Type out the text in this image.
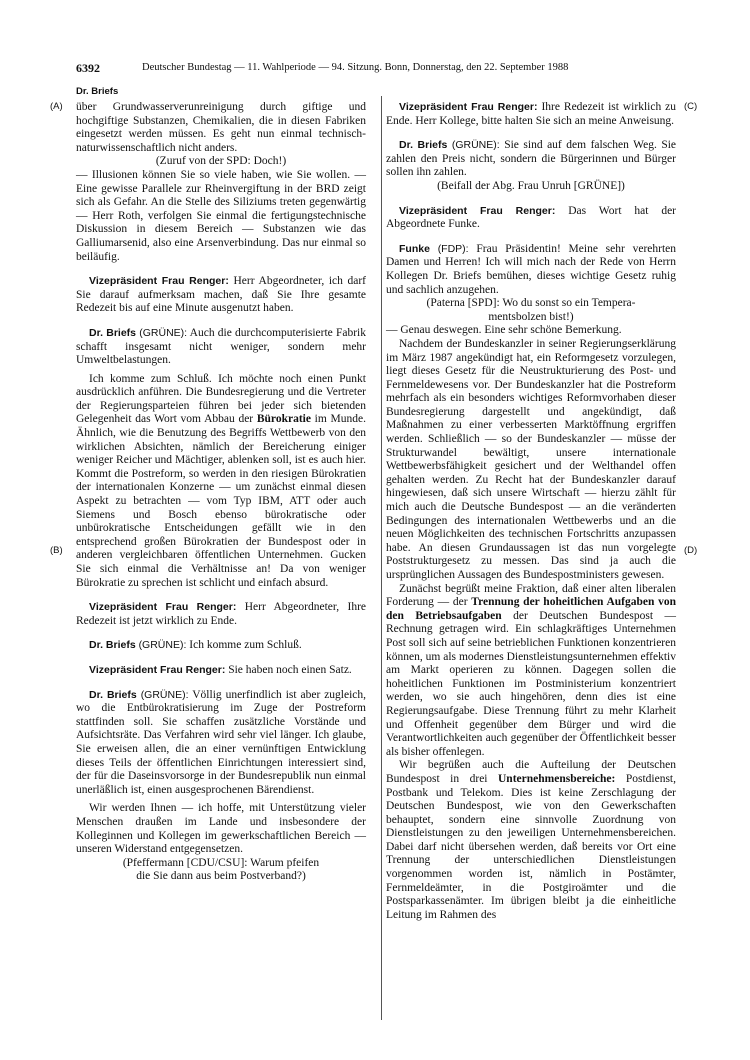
6392	Deutscher Bundestag — 11. Wahlperiode — 94. Sitzung. Bonn, Donnerstag, den 22. September 1988
Dr. Briefs
(A)
(B)
(C)
(D)

über Grundwasserverunreinigung durch giftige und hochgiftige Substanzen, Chemikalien, die in diesen Fabriken eingesetzt werden müssen. Es geht nun einmal technisch-naturwissenschaftlich nicht anders.

(Zuruf von der SPD: Doch!)

— Illusionen können Sie so viele haben, wie Sie wollen. — Eine gewisse Parallele zur Rheinvergiftung in der BRD zeigt sich als Gefahr. An die Stelle des Siliziums treten gegenwärtig — Herr Roth, verfolgen Sie einmal die fertigungstechnische Diskussion in diesem Bereich — Substanzen wie das Galliumarsenid, also eine Arsenverbindung. Das nur einmal so beiläufig.

Vizepräsident Frau Renger: Herr Abgeordneter, ich darf Sie darauf aufmerksam machen, daß Sie Ihre gesamte Redezeit bis auf eine Minute ausgenutzt haben.

Dr. Briefs (GRÜNE): Auch die durchcomputerisierte Fabrik schafft insgesamt nicht weniger, sondern mehr Umweltbelastungen.

Ich komme zum Schluß. Ich möchte noch einen Punkt ausdrücklich anführen. Die Bundesregierung und die Vertreter der Regierungsparteien führen bei jeder sich bietenden Gelegenheit das Wort vom Abbau der Bürokratie im Munde. Ähnlich, wie die Benutzung des Begriffs Wettbewerb von den wirklichen Absichten, nämlich der Bereicherung einiger weniger Reicher und Mächtiger, ablenken soll, ist es auch hier. Kommt die Postreform, so werden in den riesigen Bürokratien der internationalen Konzerne — um zunächst einmal diesen Aspekt zu betrachten — vom Typ IBM, ATT oder auch Siemens und Bosch ebenso bürokratische oder unbürokratische Entscheidungen gefällt wie in den entsprechend großen Bürokratien der Bundespost oder in anderen vergleichbaren öffentlichen Unternehmen. Gucken Sie sich einmal die Verhältnisse an! Da von weniger Bürokratie zu sprechen ist schlicht und einfach absurd.

Vizepräsident Frau Renger: Herr Abgeordneter, Ihre Redezeit ist jetzt wirklich zu Ende.

Dr. Briefs (GRÜNE): Ich komme zum Schluß.

Vizepräsident Frau Renger: Sie haben noch einen Satz.

Dr. Briefs (GRÜNE): Völlig unerfindlich ist aber zugleich, wo die Entbürokratisierung im Zuge der Postreform stattfinden soll. Sie schaffen zusätzliche Vorstände und Aufsichtsräte. Das Verfahren wird sehr viel länger. Ich glaube, Sie erweisen allen, die an einer vernünftigen Entwicklung dieses Teils der öffentlichen Einrichtungen interessiert sind, der für die Daseinsvorsorge in der Bundesrepublik nun einmal unerläßlich ist, einen ausgesprochenen Bärendienst.

Wir werden Ihnen — ich hoffe, mit Unterstützung vieler Menschen draußen im Lande und insbesondere der Kolleginnen und Kollegen im gewerkschaftlichen Bereich — unseren Widerstand entgegensetzen.

(Pfeffermann [CDU/CSU]: Warum pfeifen
die Sie dann aus beim Postverband?)

Vizepräsident Frau Renger: Ihre Redezeit ist wirklich zu Ende. Herr Kollege, bitte halten Sie sich an meine Anweisung.

Dr. Briefs (GRÜNE): Sie sind auf dem falschen Weg. Sie zahlen den Preis nicht, sondern die Bürgerinnen und Bürger sollen ihn zahlen.

(Beifall der Abg. Frau Unruh [GRÜNE])

Vizepräsident Frau Renger: Das Wort hat der Abgeordnete Funke.

Funke (FDP): Frau Präsidentin! Meine sehr verehrten Damen und Herren! Ich will mich nach der Rede von Herrn Kollegen Dr. Briefs bemühen, dieses wichtige Gesetz ruhig und sachlich anzugehen.

(Paterna [SPD]: Wo du sonst so ein Tempera-
mentsbolzen bist!)

— Genau deswegen. Eine sehr schöne Bemerkung.

Nachdem der Bundeskanzler in seiner Regierungserklärung im März 1987 angekündigt hat, ein Reformgesetz vorzulegen, liegt dieses Gesetz für die Neustrukturierung des Post- und Fernmeldewesens vor. Der Bundeskanzler hat die Postreform mehrfach als ein besonders wichtiges Reformvorhaben dieser Bundesregierung dargestellt und angekündigt, daß Maßnahmen zu einer verbesserten Marktöffnung ergriffen werden. Schließlich — so der Bundeskanzler — müsse der Strukturwandel bewältigt, unsere internationale Wettbewerbsfähigkeit gesichert und der Welthandel offen gehalten werden. Zu Recht hat der Bundeskanzler darauf hingewiesen, daß sich unsere Wirtschaft — hierzu zählt für mich auch die Deutsche Bundespost — an die veränderten Bedingungen des internationalen Wettbewerbs und an die neuen Möglichkeiten des technischen Fortschritts anzupassen habe. An diesen Grundaussagen ist das nun vorgelegte Poststrukturgesetz zu messen. Das sind ja auch die ursprünglichen Aussagen des Bundespostministers gewesen.

Zunächst begrüßt meine Fraktion, daß einer alten liberalen Forderung — der Trennung der hoheitlichen Aufgaben von den Betriebsaufgaben der Deutschen Bundespost — Rechnung getragen wird. Ein schlagkräftiges Unternehmen Post soll sich auf seine betrieblichen Funktionen konzentrieren können, um als modernes Dienstleistungsunternehmen effektiv am Markt operieren zu können. Dagegen sollen die hoheitlichen Funktionen im Postministerium konzentriert werden, wo sie auch hingehören, denn dies ist eine Regierungsaufgabe. Diese Trennung führt zu mehr Klarheit und Offenheit gegenüber dem Bürger und wird die Verantwortlichkeiten auch gegenüber der Öffentlichkeit besser als bisher offenlegen.

Wir begrüßen auch die Aufteilung der Deutschen Bundespost in drei Unternehmensbereiche: Postdienst, Postbank und Telekom. Dies ist keine Zerschlagung der Deutschen Bundespost, wie von den Gewerkschaften behauptet, sondern eine sinnvolle Zuordnung von Dienstleistungen zu den jeweiligen Unternehmensbereichen. Dabei darf nicht übersehen werden, daß bereits vor Ort eine Trennung der unterschiedlichen Dienstleistungen vorgenommen worden ist, nämlich in Postämter, Fernmeldeämter, in die Postgiroämter und die Postsparkassenämter. Im übrigen bleibt ja die einheitliche Leitung im Rahmen des
